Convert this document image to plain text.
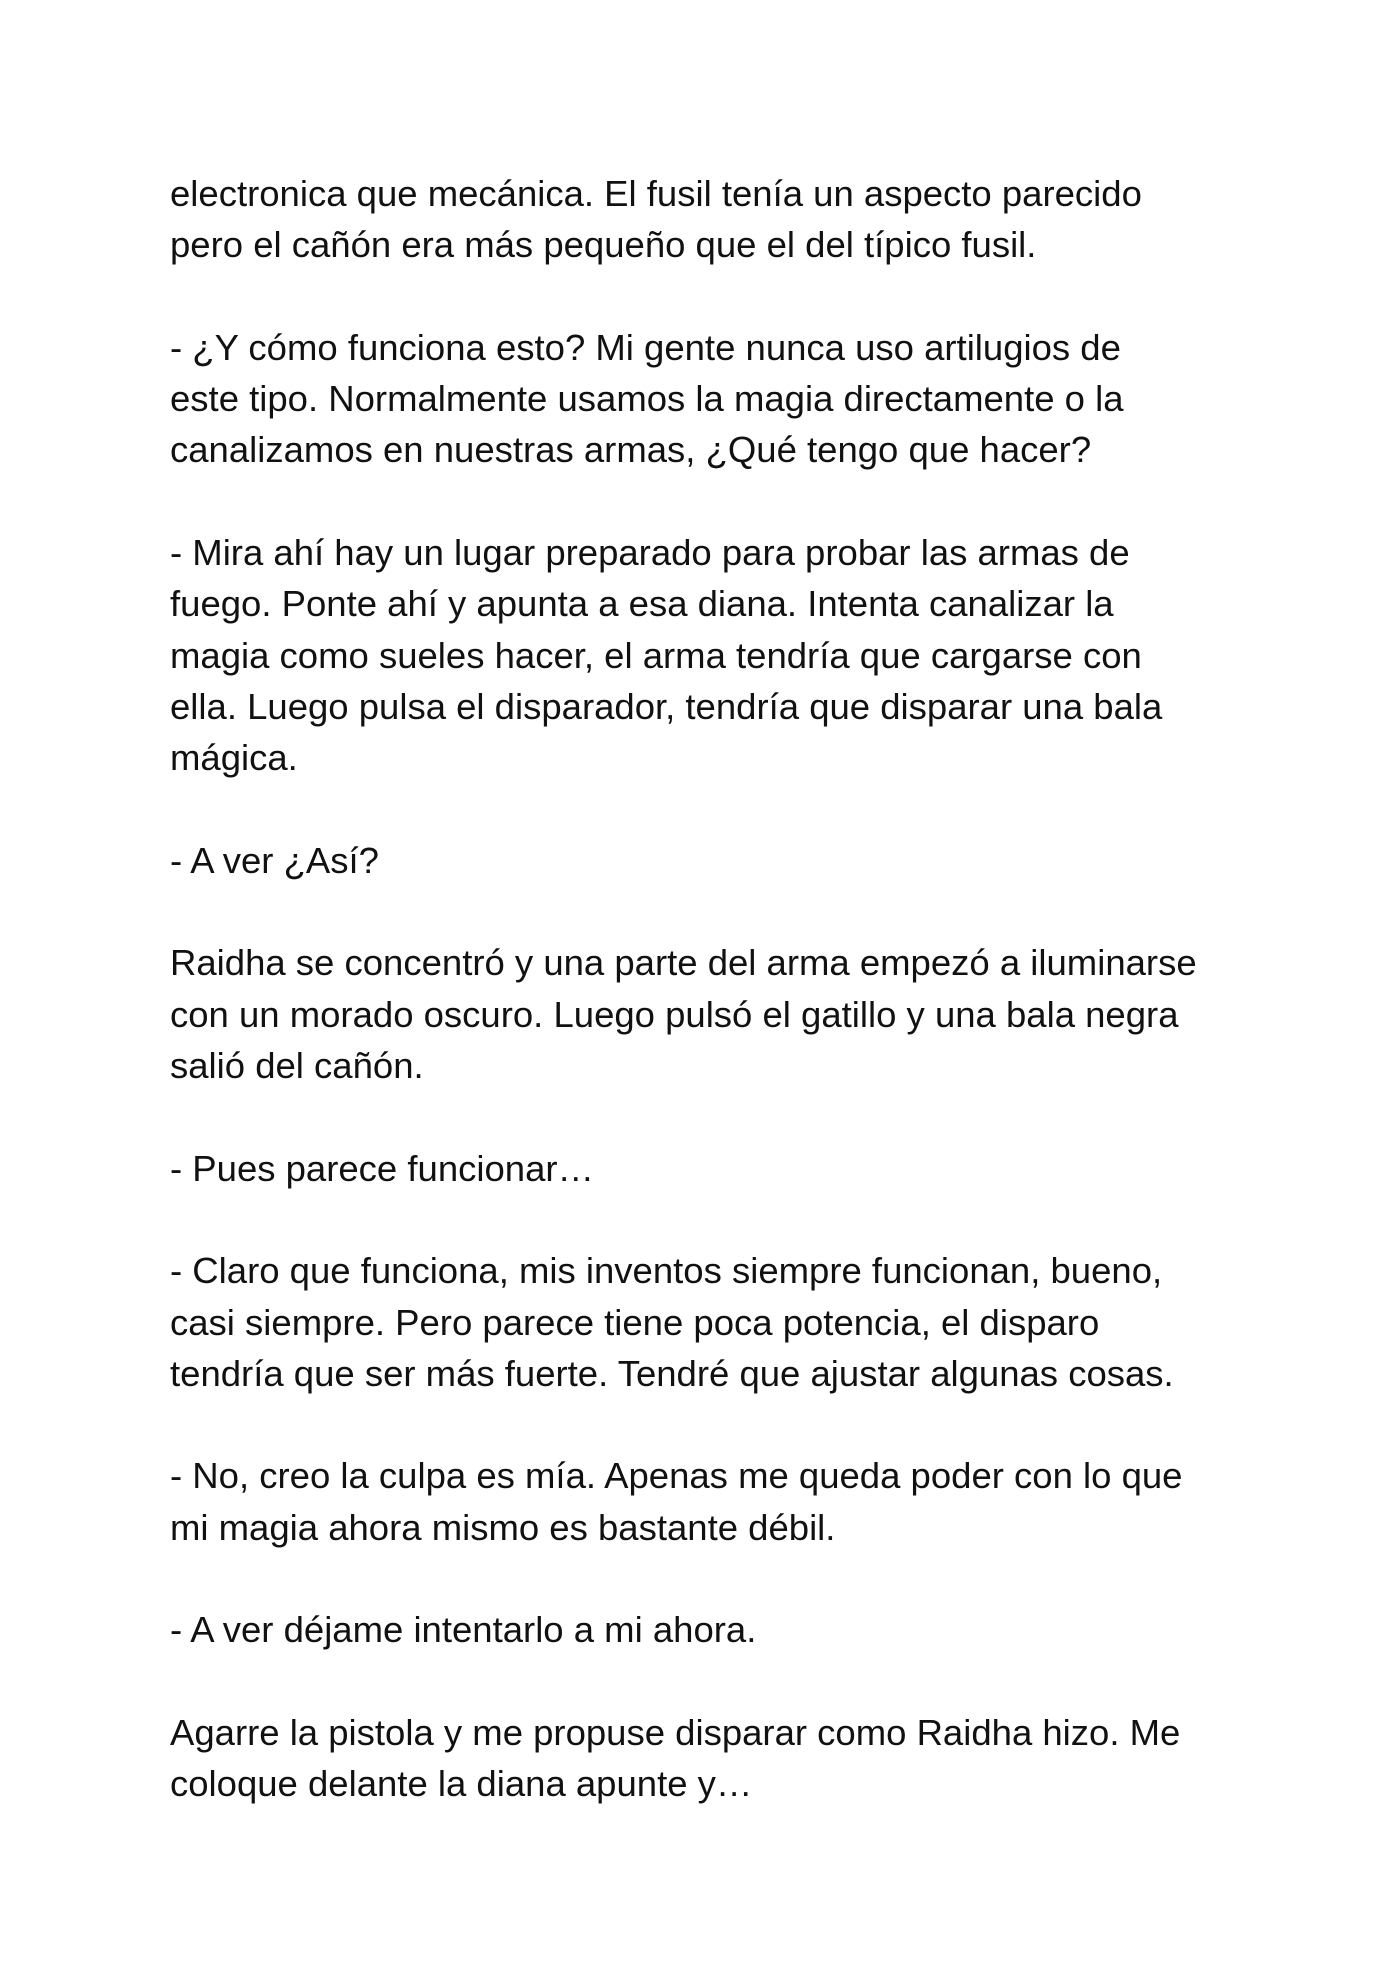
electronica que mecánica. El fusil tenía un aspecto parecido
pero el cañón era más pequeño que el del típico fusil.

- ¿Y cómo funciona esto? Mi gente nunca uso artilugios de
este tipo. Normalmente usamos la magia directamente o la
canalizamos en nuestras armas, ¿Qué tengo que hacer?

- Mira ahí hay un lugar preparado para probar las armas de
fuego. Ponte ahí y apunta a esa diana. Intenta canalizar la
magia como sueles hacer, el arma tendría que cargarse con
ella. Luego pulsa el disparador, tendría que disparar una bala
mágica.

- A ver ¿Así?

Raidha se concentró y una parte del arma empezó a iluminarse
con un morado oscuro. Luego pulsó el gatillo y una bala negra
salió del cañón.

- Pues parece funcionar…

- Claro que funciona, mis inventos siempre funcionan, bueno,
casi siempre. Pero parece tiene poca potencia, el disparo
tendría que ser más fuerte. Tendré que ajustar algunas cosas.

- No, creo la culpa es mía. Apenas me queda poder con lo que
mi magia ahora mismo es bastante débil.

- A ver déjame intentarlo a mi ahora.

Agarre la pistola y me propuse disparar como Raidha hizo. Me
coloque delante la diana apunte y…
